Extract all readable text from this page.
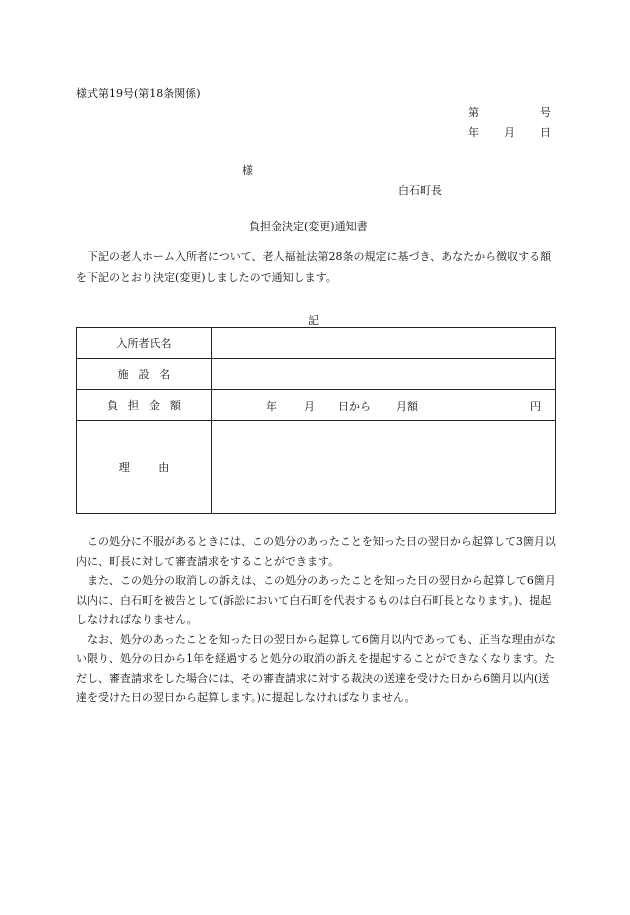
様式第19号(第18条関係)
第	号
年 月 日
様
白石町長
負担金決定(変更)通知書
下記の老人ホーム入所者について、老人福祉法第28条の規定に基づき、あなたから徴収する額を下記のとおり決定(変更)しましたので通知します。
記
入所者氏名	
施設名	
負担金額	年 月 日から 月額 円

理由	

この処分に不服があるときには、この処分のあったことを知った日の翌日から起算して3箇月以内に、町長に対して審査請求をすることができます。

また、この処分の取消しの訴えは、この処分のあったことを知った日の翌日から起算して6箇月以内に、白石町を被告として(訴訟において白石町を代表するものは白石町長となります。)、提起しなければなりません。

なお、処分のあったことを知った日の翌日から起算して6箇月以内であっても、正当な理由がない限り、処分の日から1年を経過すると処分の取消の訴えを提起することができなくなります。ただし、審査請求をした場合には、その審査請求に対する裁決の送達を受けた日から6箇月以内(送達を受けた日の翌日から起算します。)に提起しなければなりません。
